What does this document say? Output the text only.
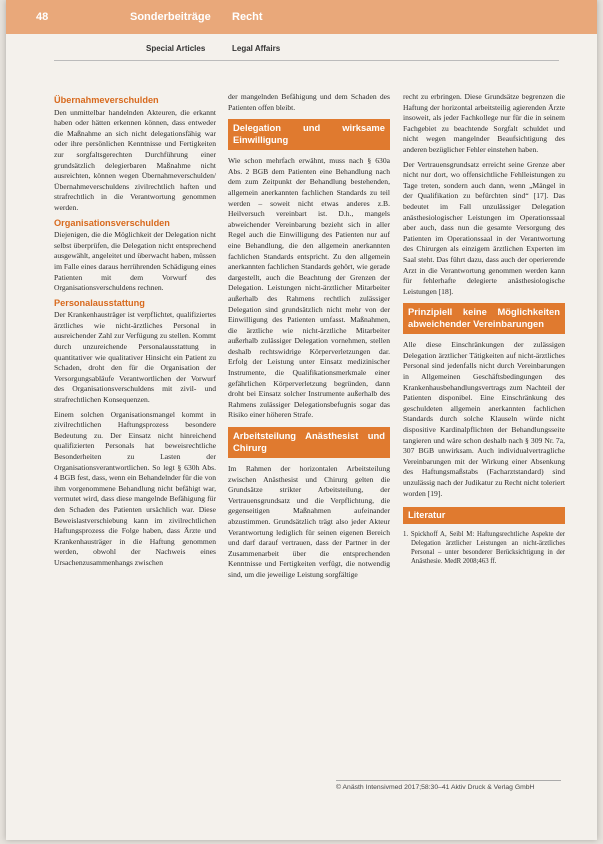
48	Sonderbeiträge Recht
Special Articles	Legal Affairs
Übernahmeverschulden

Den unmittelbar handelnden Akteuren, die erkannt haben oder hätten erkennen können, dass entweder die Maßnahme an sich nicht delegationsfähig war oder ihre persönlichen Kenntnisse und Fertigkeiten zur sorgfaltsgerechten Durchführung einer grundsätzlich delegierbaren Maßnahme nicht ausreichten, können wegen Übernahmeverschulden/Übernahmeverschuldens zivilrechtlich haften und strafrechtlich in die Verantwortung genommen werden.

Organisationsverschulden

Diejenigen, die die Möglichkeit der Delegation nicht selbst überprüfen, die Delegation nicht entsprechend ausgewählt, angeleitet und überwacht haben, müssen im Falle eines daraus herrührenden Schädigung eines Patienten mit dem Vorwurf des Organisationsverschuldens rechnen.

Personalausstattung

Der Krankenhausträger ist verpflichtet, qualifiziertes ärztliches wie nicht-ärztliches Personal in ausreichender Zahl zur Verfügung zu stellen. Kommt durch unzureichende Personalausstattung in quantitativer wie qualitativer Hinsicht ein Patient zu Schaden, droht den für die Organisation der Versorgungsabläufe Verantwortlichen der Vorwurf des Organisationsverschuldens mit zivil- und strafrechtlichen Konsequenzen.

Einem solchen Organisationsmangel kommt in zivilrechtlichen Haftungsprozess besondere Bedeutung zu. Der Einsatz nicht hinreichend qualifizierten Personals hat beweisrechtliche Besonderheiten zu Lasten der Organisationsverantwortlichen. So legt § 630h Abs. 4 BGB fest, dass, wenn ein Behandelnder für die von ihm vorgenommene Behandlung nicht befähigt war, vermutet wird, dass diese mangelnde Befähigung für den Schaden des Patienten ursächlich war. Diese Beweislastverschiebung kann im zivilrechtlichen Haftungsprozess die Folge haben, dass Ärzte und Krankenhausträger in die Haftung genommen werden, obwohl der Nachweis eines Ursachenzusammenhangs zwischen

der mangelnden Befähigung und dem Schaden des Patienten offen bleibt.

Delegation und wirksame Einwilligung

Wie schon mehrfach erwähnt, muss nach § 630a Abs. 2 BGB dem Patienten eine Behandlung nach dem zum Zeitpunkt der Behandlung bestehenden, allgemein anerkannten fachlichen Standards zu teil werden – soweit nicht etwas anderes z.B. Heilversuch vereinbart ist. D.h., mangels abweichender Vereinbarung bezieht sich in aller Regel auch die Einwilligung des Patienten nur auf eine Behandlung, die den allgemein anerkannten fachlichen Standards entspricht. Zu den allgemein anerkannten fachlichen Standards gehört, wie gerade dargestellt, auch die Beachtung der Grenzen der Delegation. Leistungen nicht-ärztlicher Mitarbeiter außerhalb des Rahmens rechtlich zulässiger Delegation sind grundsätzlich nicht mehr von der Einwilligung des Patienten umfasst. Maßnahmen, die ärztliche wie nicht-ärztliche Mitarbeiter außerhalb zulässiger Delegation vornehmen, stellen deshalb rechtswidrige Körperverletzungen dar. Erfolg der Leistung unter Einsatz medizinischer Instrumente, die Qualifikationsmerkmale einer gefährlichen Körperverletzung begründen, dann droht bei Einsatz solcher Instrumente außerhalb des Rahmens zulässiger Delegationsbefugnis sogar das Risiko einer höheren Strafe.

Arbeitsteilung Anästhesist und Chirurg

Im Rahmen der horizontalen Arbeitsteilung zwischen Anästhesist und Chirurg gelten die Grundsätze strikter Arbeitsteilung, der Vertrauensgrundsatz und die Verpflichtung, die gegenseitigen Maßnahmen aufeinander abzustimmen. Grundsätzlich trägt also jeder Akteur Verantwortung lediglich für seinen eigenen Bereich und darf darauf vertrauen, dass der Partner in der Zusammenarbeit über die entsprechenden Kenntnisse und Fertigkeiten verfügt, die notwendig sind, um die jeweilige Leistung sorgfältige

recht zu erbringen. Diese Grundsätze begrenzen die Haftung der horizontal arbeitsteilig agierenden Ärzte insoweit, als jeder Fachkollege nur für die in seinem Fachgebiet zu beachtende Sorgfalt schuldet und nicht wegen mangelnder Beaufsichtigung des anderen bezüglicher Fehler einstehen haben.

Der Vertrauensgrundsatz erreicht seine Grenze aber nicht nur dort, wo offensichtliche Fehlleistungen zu Tage treten, sondern auch dann, wenn „Mängel in der Qualifikation zu befürchten sind“ [17]. Das bedeutet im Fall unzulässiger Delegation anästhesiologischer Leistungen im Operationssaal aber auch, dass nun die gesamte Versorgung des Patienten im Operationssaal in der Verantwortung des Chirurgen als einzigem ärztlichen Experten im Saal steht. Das führt dazu, dass auch der operierende Arzt in die Verantwortung genommen werden kann für fehlerhafte delegierte anästhesiologische Leistungen [18].

Prinzipiell keine Möglichkeiten abweichender Vereinbarungen

Alle diese Einschränkungen der zulässigen Delegation ärztlicher Tätigkeiten auf nicht-ärztliches Personal sind jedenfalls nicht durch Vereinbarungen in Allgemeinen Geschäftsbedingungen des Krankenhausbehandlungsvertrags zum Nachteil der Patienten disponibel. Eine Einschränkung des geschuldeten allgemein anerkannten fachlichen Standards durch solche Klauseln würde nicht dispositive Kardinalpflichten der Behandlungsseite tangieren und wäre schon deshalb nach § 309 Nr. 7a, 307 BGB unwirksam. Auch individualvertragliche Vereinbarungen mit der Wirkung einer Absenkung des Haftungsmaßstabs (Facharztstandard) sind unzulässig nach der Judikatur zu Recht nicht toleriert worden [19].

Literatur

1. Spickhoff A, Seibl M: Haftungsrechtliche Aspekte der Delegation ärztlicher Leistungen an nicht-ärztliches Personal – unter besonderer Berücksichtigung in der Anästhesie. MedR 2008;463 ff.

© Anästh Intensivmed 2017;58:30–41 Aktiv Druck & Verlag GmbH
